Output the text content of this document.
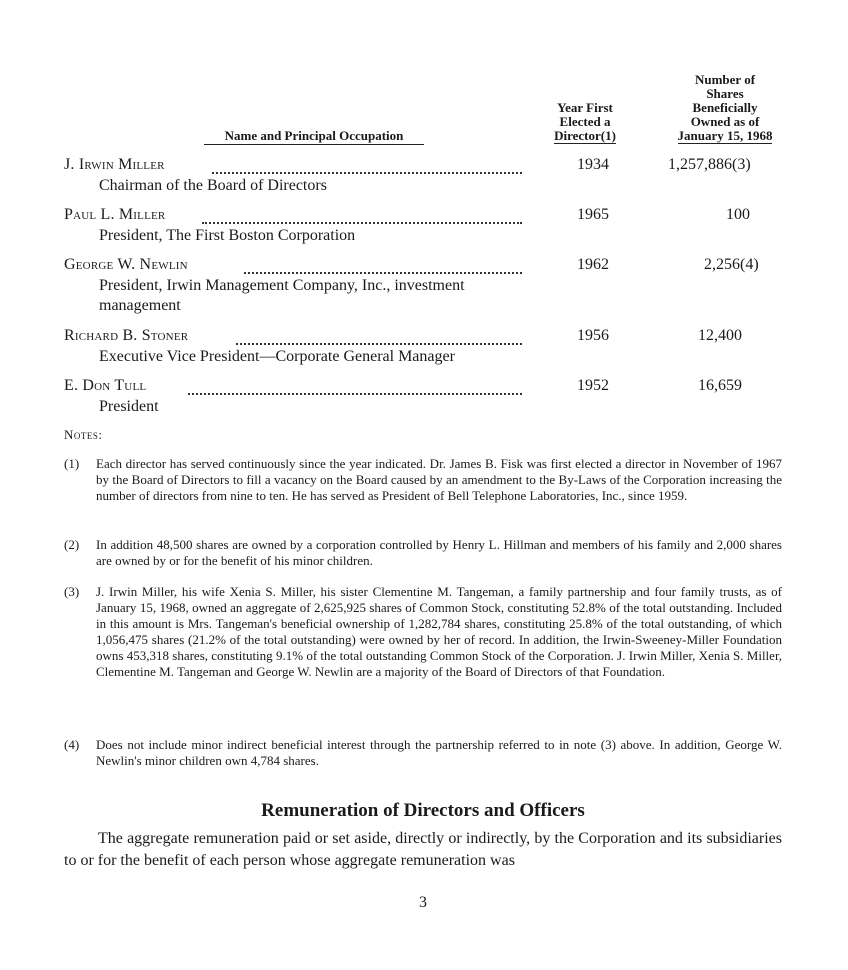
Name and Principal Occupation
Year First
Elected a
Director(1)
Number of
Shares
Beneficially
Owned as of
January 15, 1968
J. Irwin Miller
Chairman of the Board of Directors
1934	1,257,886(3)
Paul L. Miller
President, The First Boston Corporation
1965	100
George W. Newlin
President, Irwin Management Company, Inc., investment management
1962	2,256(4)
Richard B. Stoner
Executive Vice President—Corporate General Manager
1956	12,400
E. Don Tull
President
1952	16,659
Notes:
(1) Each director has served continuously since the year indicated. Dr. James B. Fisk was first elected a director in November of 1967 by the Board of Directors to fill a vacancy on the Board caused by an amendment to the By-Laws of the Corporation increasing the number of directors from nine to ten. He has served as President of Bell Telephone Laboratories, Inc., since 1959.
(2) In addition 48,500 shares are owned by a corporation controlled by Henry L. Hillman and members of his family and 2,000 shares are owned by or for the benefit of his minor children.
(3) J. Irwin Miller, his wife Xenia S. Miller, his sister Clementine M. Tangeman, a family partnership and four family trusts, as of January 15, 1968, owned an aggregate of 2,625,925 shares of Common Stock, constituting 52.8% of the total outstanding. Included in this amount is Mrs. Tangeman's beneficial ownership of 1,282,784 shares, constituting 25.8% of the total outstanding, of which 1,056,475 shares (21.2% of the total outstanding) were owned by her of record. In addition, the Irwin-Sweeney-Miller Foundation owns 453,318 shares, constituting 9.1% of the total outstanding Common Stock of the Corporation. J. Irwin Miller, Xenia S. Miller, Clementine M. Tangeman and George W. Newlin are a majority of the Board of Directors of that Foundation.
(4) Does not include minor indirect beneficial interest through the partnership referred to in note (3) above. In addition, George W. Newlin's minor children own 4,784 shares.
Remuneration of Directors and Officers
The aggregate remuneration paid or set aside, directly or indirectly, by the Corporation and its subsidiaries to or for the benefit of each person whose aggregate remuneration was
3
